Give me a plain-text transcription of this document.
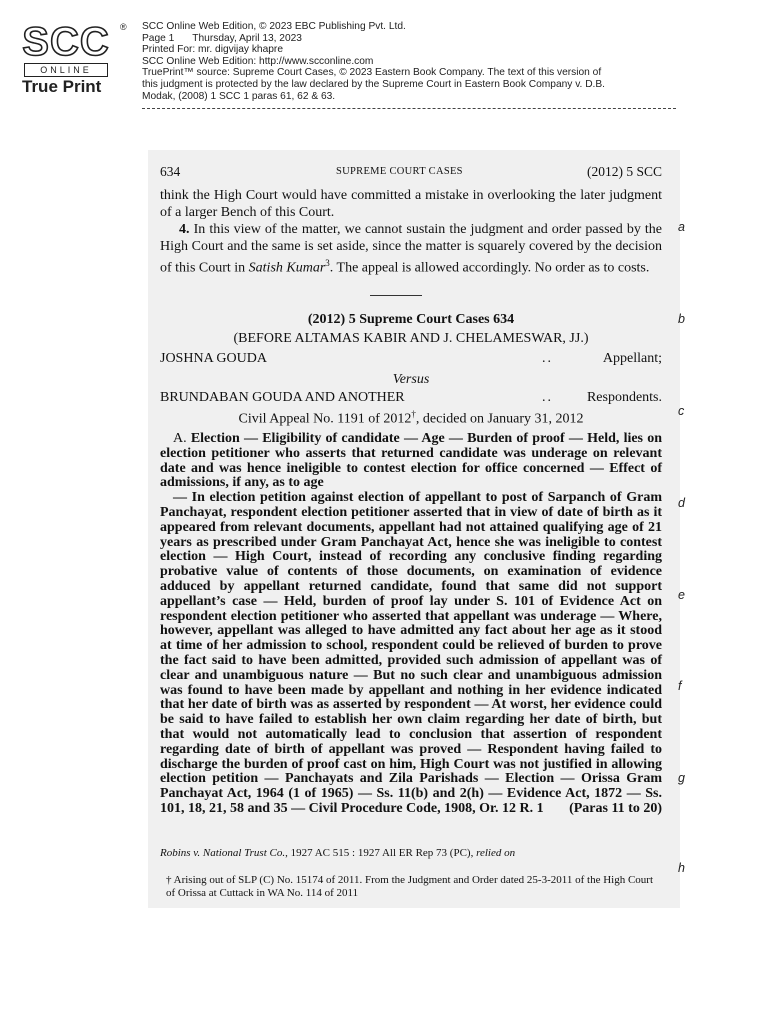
SCC	®
ONLINE
True Print
SCC Online Web Edition, © 2023 EBC Publishing Pvt. Ltd.
Page 1 Thursday, April 13, 2023
Printed For: mr. digvijay khapre
SCC Online Web Edition: http://www.scconline.com
TruePrint™ source: Supreme Court Cases, © 2023 Eastern Book Company. The text of this version of
this judgment is protected by the law declared by the Supreme Court in Eastern Book Company v. D.B.
Modak, (2008) 1 SCC 1 paras 61, 62 & 63.
634	SUPREME COURT CASES	(2012) 5 SCC

think the High Court would have committed a mistake in overlooking the later judgment of a larger Bench of this Court.

4. In this view of the matter, we cannot sustain the judgment and order passed by the High Court and the same is set aside, since the matter is squarely covered by the decision of this Court in Satish Kumar$^3$. The appeal is allowed accordingly. No order as to costs.

(2012) 5 Supreme Court Cases 634
(BEFORE ALTAMAS KABIR AND J. CHELAMESWAR, JJ.)
JOSHNA GOUDA	..	Appellant;
Versus
BRUNDABAN GOUDA AND ANOTHER	.. Respondents.
Civil Appeal No. 1191 of 2012†, decided on January 31, 2012

A. Election — Eligibility of candidate — Age — Burden of proof — Held, lies on election petitioner who asserts that returned candidate was underage on relevant date and was hence ineligible to contest election for office concerned — Effect of admissions, if any, as to age

— In election petition against election of appellant to post of Sarpanch of Gram Panchayat, respondent election petitioner asserted that in view of date of birth as it appeared from relevant documents, appellant had not attained qualifying age of 21 years as prescribed under Gram Panchayat Act, hence she was ineligible to contest election — High Court, instead of recording any conclusive finding regarding probative value of contents of those documents, on examination of evidence adduced by appellant returned candidate, found that same did not support appellant’s case — Held, burden of proof lay under S. 101 of Evidence Act on respondent election petitioner who asserted that appellant was underage — Where, however, appellant was alleged to have admitted any fact about her age as it stood at time of her admission to school, respondent could be relieved of burden to prove the fact said to have been admitted, provided such admission of appellant was of clear and unambiguous nature — But no such clear and unambiguous admission was found to have been made by appellant and nothing in her evidence indicated that her date of birth was as asserted by respondent — At worst, her evidence could be said to have failed to establish her own claim regarding her date of birth, but that would not automatically lead to conclusion that assertion of respondent regarding date of birth of appellant was proved — Respondent having failed to discharge the burden of proof cast on him, High Court was not justified in allowing election petition — Panchayats and Zila Parishads — Election — Orissa Gram Panchayat Act, 1964 (1 of 1965) — Ss. 11(b) and 2(h) — Evidence Act, 1872 — Ss. 101, 18, 21, 58 and 35 — Civil Procedure Code, 1908, Or. 12 R. 1	(Paras 11 to 20)

Robins v. National Trust Co., 1927 AC 515 : 1927 All ER Rep 73 (PC), relied on
† Arising out of SLP (C) No. 15174 of 2011. From the Judgment and Order dated 25-3-2011 of the High Court of Orissa at Cuttack in WA No. 114 of 2011
a
b
c
d
e
f
g
h
